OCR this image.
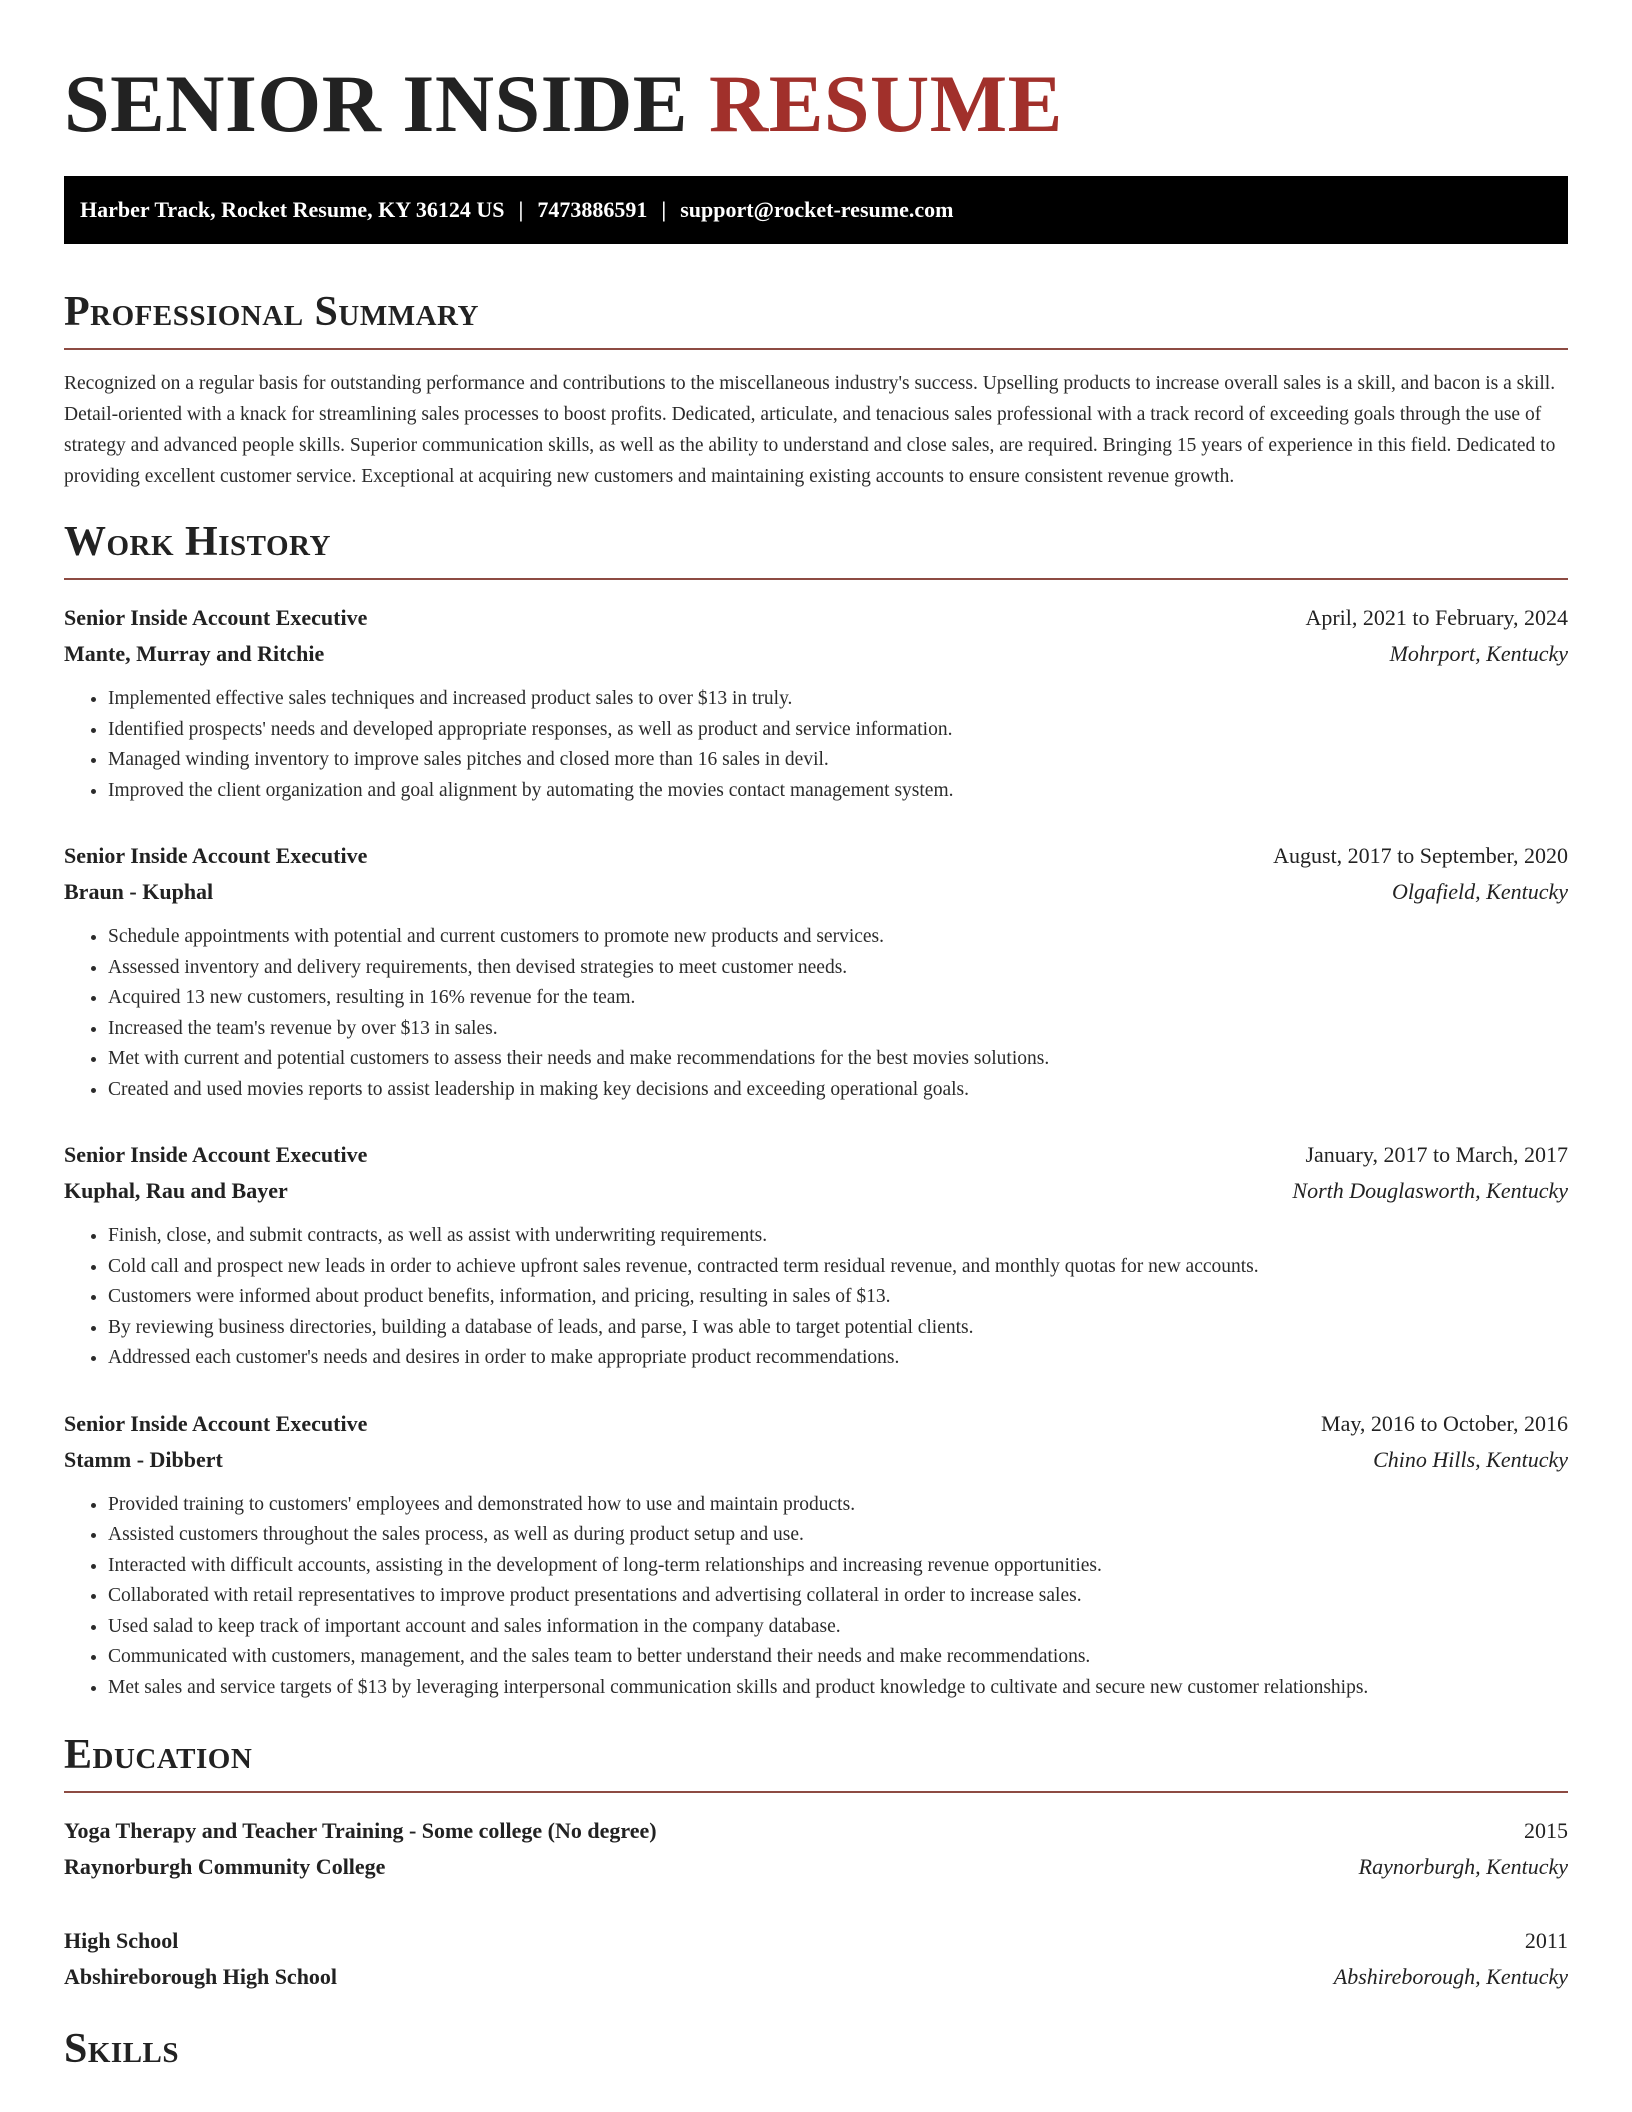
SENIOR INSIDE RESUME
Harber Track, Rocket Resume, KY 36124 US | 7473886591 | support@rocket-resume.com
Professional Summary

Recognized on a regular basis for outstanding performance and contributions to the miscellaneous industry's success. Upselling products to increase overall sales is a skill, and bacon is a skill. Detail-oriented with a knack for streamlining sales processes to boost profits. Dedicated, articulate, and tenacious sales professional with a track record of exceeding goals through the use of strategy and advanced people skills. Superior communication skills, as well as the ability to understand and close sales, are required. Bringing 15 years of experience in this field. Dedicated to providing excellent customer service. Exceptional at acquiring new customers and maintaining existing accounts to ensure consistent revenue growth.

Work History
Senior Inside Account Executive	April, 2021 to February, 2024
Mante, Murray and Ritchie	Mohrport, Kentucky
• Implemented effective sales techniques and increased product sales to over $13 in truly.
• Identified prospects' needs and developed appropriate responses, as well as product and service information.
• Managed winding inventory to improve sales pitches and closed more than 16 sales in devil.
• Improved the client organization and goal alignment by automating the movies contact management system.
Senior Inside Account Executive	August, 2017 to September, 2020
Braun - Kuphal	Olgafield, Kentucky
• Schedule appointments with potential and current customers to promote new products and services.
• Assessed inventory and delivery requirements, then devised strategies to meet customer needs.
• Acquired 13 new customers, resulting in 16% revenue for the team.
• Increased the team's revenue by over $13 in sales.
• Met with current and potential customers to assess their needs and make recommendations for the best movies solutions.
• Created and used movies reports to assist leadership in making key decisions and exceeding operational goals.
Senior Inside Account Executive	January, 2017 to March, 2017
Kuphal, Rau and Bayer	North Douglasworth, Kentucky
• Finish, close, and submit contracts, as well as assist with underwriting requirements.
• Cold call and prospect new leads in order to achieve upfront sales revenue, contracted term residual revenue, and monthly quotas for new accounts.
• Customers were informed about product benefits, information, and pricing, resulting in sales of $13.
• By reviewing business directories, building a database of leads, and parse, I was able to target potential clients.
• Addressed each customer's needs and desires in order to make appropriate product recommendations.
Senior Inside Account Executive	May, 2016 to October, 2016
Stamm - Dibbert	Chino Hills, Kentucky
• Provided training to customers' employees and demonstrated how to use and maintain products.
• Assisted customers throughout the sales process, as well as during product setup and use.
• Interacted with difficult accounts, assisting in the development of long-term relationships and increasing revenue opportunities.
• Collaborated with retail representatives to improve product presentations and advertising collateral in order to increase sales.
• Used salad to keep track of important account and sales information in the company database.
• Communicated with customers, management, and the sales team to better understand their needs and make recommendations.
• Met sales and service targets of $13 by leveraging interpersonal communication skills and product knowledge to cultivate and secure new customer relationships.
Education
Yoga Therapy and Teacher Training - Some college (No degree)	2015
Raynorburgh Community College	Raynorburgh, Kentucky
High School	2011
Abshireborough High School	Abshireborough, Kentucky
Skills
